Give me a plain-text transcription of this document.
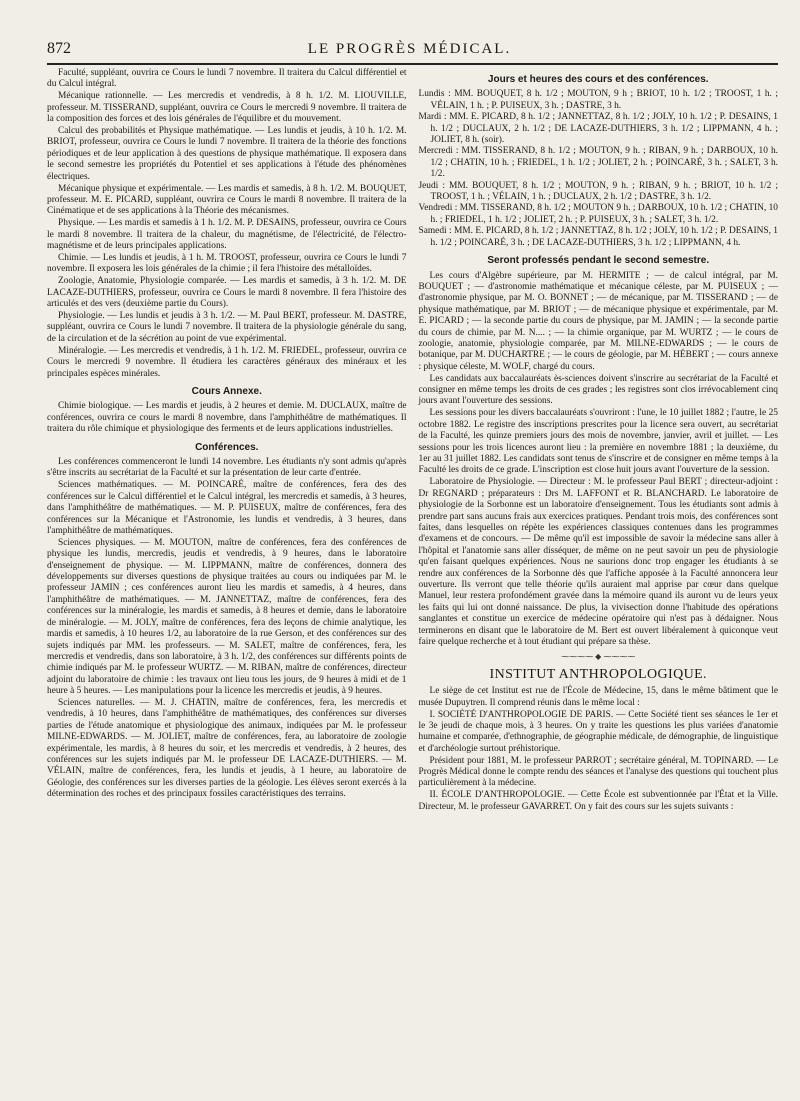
872	LE PROGRÈS MÉDICAL.

Faculté, suppléant, ouvrira ce Cours le lundi 7 novembre. Il traitera du Calcul différentiel et du Calcul intégral.

Mécanique rationnelle. — Les mercredis et vendredis, à 8 h. 1/2. M. LIOUVILLE, professeur. M. TISSERAND, suppléant, ouvrira ce Cours le mercredi 9 novembre. Il traitera de la composition des forces et des lois générales de l'équilibre et du mouvement.

Calcul des probabilités et Physique mathématique. — Les lundis et jeudis, à 10 h. 1/2. M. BRIOT, professeur, ouvrira ce Cours le lundi 7 novembre. Il traitera de la théorie des fonctions périodiques et de leur application à des questions de physique mathématique. Il exposera dans le second semestre les propriétés du Potentiel et ses applications à l'étude des phénomènes électriques.

Mécanique physique et expérimentale. — Les mardis et samedis, à 8 h. 1/2. M. BOUQUET, professeur. M. E. PICARD, suppléant, ouvrira ce Cours le mardi 8 novembre. Il traitera de la Cinématique et de ses applications à la Théorie des mécanismes.

Physique. — Les mardis et samedis à 1 h. 1/2. M. P. DESAINS, professeur, ouvrira ce Cours le mardi 8 novembre. Il traitera de la chaleur, du magnétisme, de l'électricité, de l'électro-magnétisme et de leurs principales applications.

Chimie. — Les lundis et jeudis, à 1 h. M. TROOST, professeur, ouvrira ce Cours le lundi 7 novembre. Il exposera les lois générales de la chimie ; il fera l'histoire des métalloïdes.

Zoologie, Anatomie, Physiologie comparée. — Les mardis et samedis, à 3 h. 1/2. M. DE LACAZE-DUTHIERS, professeur, ouvrira ce Cours le mardi 8 novembre. Il fera l'histoire des articulés et des vers (deuxième partie du Cours).

Physiologie. — Les lundis et jeudis à 3 h. 1/2. — M. Paul BERT, professeur. M. DASTRE, suppléant, ouvrira ce Cours le lundi 7 novembre. Il traitera de la physiologie générale du sang, de la circulation et de la sécrétion au point de vue expérimental.

Minéralogie. — Les mercredis et vendredis, à 1 h. 1/2. M. FRIEDEL, professeur, ouvrira ce Cours le mercredi 9 novembre. Il étudiera les caractères généraux des minéraux et les principales espèces minérales.

Cours Annexe.

Chimie biologique. — Les mardis et jeudis, à 2 heures et demie. M. DUCLAUX, maître de conférences, ouvrira ce cours le mardi 8 novembre, dans l'amphithéâtre de mathématiques. Il traitera du rôle chimique et physiologique des ferments et de leurs applications industrielles.

Conférences.

Les conférences commenceront le lundi 14 novembre. Les étudiants n'y sont admis qu'après s'être inscrits au secrétariat de la Faculté et sur la présentation de leur carte d'entrée.

Sciences mathématiques. — M. POINCARÉ, maître de conférences, fera des des conférences sur le Calcul différentiel et le Calcul intégral, les mercredis et samedis, à 3 heures, dans l'amphithéâtre de mathématiques. — M. P. PUISEUX, maître de conférences, fera des conférences sur la Mécanique et l'Astronomie, les lundis et vendredis, à 3 heures, dans l'amphithéâtre de mathématiques.

Sciences physiques. — M. MOUTON, maître de conférences, fera des conférences de physique les lundis, mercredis, jeudis et vendredis, à 9 heures, dans le laboratoire d'enseignement de physique. — M. LIPPMANN, maître de conférences, donnera des développements sur diverses questions de physique traitées au cours ou indiquées par M. le professeur JAMIN ; ces conférences auront lieu les mardis et samedis, à 4 heures, dans l'amphithéâtre de mathématiques. — M. JANNETTAZ, maître de conférences, fera des conférences sur la minéralogie, les mardis et samedis, à 8 heures et demie, dans le laboratoire de minéralogie. — M. JOLY, maître de conférences, fera des leçons de chimie analytique, les mardis et samedis, à 10 heures 1/2, au laboratoire de la rue Gerson, et des conférences sur des sujets indiqués par MM. les professeurs. — M. SALET, maître de conférences, fera, les mercredis et vendredis, dans son laboratoire, à 3 h. 1/2, des conférences sur différents points de chimie indiqués par M. le professeur WURTZ. — M. RIBAN, maître de conférences, directeur adjoint du laboratoire de chimie : les travaux ont lieu tous les jours, de 9 heures à midi et de 1 heure à 5 heures. — Les manipulations pour la licence les mercredis et jeudis, à 9 heures.

Sciences naturelles. — M. J. CHATIN, maître de conférences, fera, les mercredis et vendredis, à 10 heures, dans l'amphithéâtre de mathématiques, des conférences sur diverses parties de l'étude anatomique et physiologique des animaux, indiquées par M. le professeur MILNE-EDWARDS. — M. JOLIET, maître de conférences, fera, au laboratoire de zoologie expérimentale, les mardis, à 8 heures du soir, et les mercredis et vendredis, à 2 heures, des conférences sur les sujets indiqués par M. le professeur DE LACAZE-DUTHIERS. — M. VÉLAIN, maître de conférences, fera, les lundis et jeudis, à 1 heure, au laboratoire de Géologie, des conférences sur les diverses parties de la géologie. Les élèves seront exercés à la détermination des roches et des principaux fossiles caractéristiques des terrains.

Jours et heures des cours et des conférences.

Lundis : MM. BOUQUET, 8 h. 1/2 ; MOUTON, 9 h ; BRIOT, 10 h. 1/2 ; TROOST, 1 h. ; VÉLAIN, 1 h. ; P. PUISEUX, 3 h. ; DASTRE, 3 h.

Mardi : MM. E. PICARD, 8 h. 1/2 ; JANNETTAZ, 8 h. 1/2 ; JOLY, 10 h. 1/2 ; P. DESAINS, 1 h. 1/2 ; DUCLAUX, 2 h. 1/2 ; DE LACAZE-DUTHIERS, 3 h. 1/2 ; LIPPMANN, 4 h. ; JOLIET, 8 h. (soir).

Mercredi : MM. TISSERAND, 8 h. 1/2 ; MOUTON, 9 h. ; RIBAN, 9 h. ; DARBOUX, 10 h. 1/2 ; CHATIN, 10 h. ; FRIEDEL, 1 h. 1/2 ; JOLIET, 2 h. ; POINCARÉ, 3 h. ; SALET, 3 h. 1/2.

Jeudi : MM. BOUQUET, 8 h. 1/2 ; MOUTON, 9 h. ; RIBAN, 9 h. ; BRIOT, 10 h. 1/2 ; TROOST, 1 h. ; VÉLAIN, 1 h. ; DUCLAUX, 2 h. 1/2 ; DASTRE, 3 h. 1/2.

Vendredi : MM. TISSERAND, 8 h. 1/2 ; MOUTON 9 h. ; DARBOUX, 10 h. 1/2 ; CHATIN, 10 h. ; FRIEDEL, 1 h. 1/2 ; JOLIET, 2 h. ; P. PUISEUX, 3 h. ; SALET, 3 h. 1/2.

Samedi : MM. E. PICARD, 8 h. 1/2 ; JANNETTAZ, 8 h. 1/2 ; JOLY, 10 h. 1/2 ; P. DESAINS, 1 h. 1/2 ; POINCARÉ, 3 h. ; DE LACAZE-DUTHIERS, 3 h. 1/2 ; LIPPMANN, 4 h.

Seront professés pendant le second semestre.

Les cours d'Algèbre supérieure, par M. HERMITE ; — de calcul intégral, par M. BOUQUET ; — d'astronomie mathématique et mécanique céleste, par M. PUISEUX ; — d'astronomie physique, par M. O. BONNET ; — de mécanique, par M. TISSERAND ; — de physique mathématique, par M. BRIOT ; — de mécanique physique et expérimentale, par M. E. PICARD ; — la seconde partie du cours de physique, par M. JAMIN ; — la seconde partie du cours de chimie, par M. N.... ; — la chimie organique, par M. WURTZ ; — le cours de zoologie, anatomie, physiologie comparée, par M. MILNE-EDWARDS ; — le cours de botanique, par M. DUCHARTRE ; — le cours de géologie, par M. HÉBERT ; — cours annexe : physique céleste, M. WOLF, chargé du cours.

Les candidats aux baccalauréats ès-sciences doivent s'inscrire au secrétariat de la Faculté et consigner en même temps les droits de ces grades ; les registres sont clos irrévocablement cinq jours avant l'ouverture des sessions.

Les sessions pour les divers baccalauréats s'ouvriront : l'une, le 10 juillet 1882 ; l'autre, le 25 octobre 1882. Le registre des inscriptions prescrites pour la licence sera ouvert, au secrétariat de la Faculté, les quinze premiers jours des mois de novembre, janvier, avril et juillet. — Les sessions pour les trois licences auront lieu : la première en novembre 1881 ; la deuxième, du 1er au 31 juillet 1882. Les candidats sont tenus de s'inscrire et de consigner en même temps à la Faculté les droits de ce grade. L'inscription est close huit jours avant l'ouverture de la session.

Laboratoire de Physiologie. — Directeur : M. le professeur Paul BERT ; directeur-adjoint : Dr REGNARD ; préparateurs : Drs M. LAFFONT et R. BLANCHARD. Le laboratoire de physiologie de la Sorbonne est un laboratoire d'enseignement. Tous les étudiants sont admis à prendre part sans aucuns frais aux exercices pratiques. Pendant trois mois, des conférences sont faites, dans lesquelles on répète les expériences classiques contenues dans les programmes d'examens et de concours. — De même qu'il est impossible de savoir la médecine sans aller à l'hôpital et l'anatomie sans aller disséquer, de même on ne peut savoir un peu de physiologie qu'en faisant quelques expériences. Nous ne saurions donc trop engager les étudiants à se rendre aux conférences de la Sorbonne dès que l'affiche apposée à la Faculté annoncera leur ouverture. Ils verront que telle théorie qu'ils auraient mal apprise par cœur dans quelque Manuel, leur restera profondément gravée dans la mémoire quand ils auront vu de leurs yeux les faits qui lui ont donné naissance. De plus, la vivisection donne l'habitude des opérations sanglantes et constitue un exercice de médecine opératoire qui n'est pas à dédaigner. Nous terminerons en disant que le laboratoire de M. Bert est ouvert libéralement à quiconque veut faire quelque recherche et à tout étudiant qui prépare sa thèse.

⁓⁓⁓⁓ ◆ ⁓⁓⁓⁓
INSTITUT ANTHROPOLOGIQUE.

Le siège de cet Institut est rue de l'École de Médecine, 15, dans le même bâtiment que le musée Dupuytren. Il comprend réunis dans le même local :

I. SOCIÉTÉ D'ANTHROPOLOGIE DE PARIS. — Cette Société tient ses séances le 1er et le 3e jeudi de chaque mois, à 3 heures. On y traite les questions les plus variées d'anatomie humaine et comparée, d'ethnographie, de géographie médicale, de démographie, de linguistique et d'archéologie surtout préhistorique.

Président pour 1881, M. le professeur PARROT ; secrétaire général, M. TOPINARD. — Le Progrès Médical donne le compte rendu des séances et l'analyse des questions qui touchent plus particulièrement à la médecine.

II. ÉCOLE D'ANTHROPOLOGIE. — Cette École est subventionnée par l'État et la Ville. Directeur, M. le professeur GAVARRET. On y fait des cours sur les sujets suivants :
